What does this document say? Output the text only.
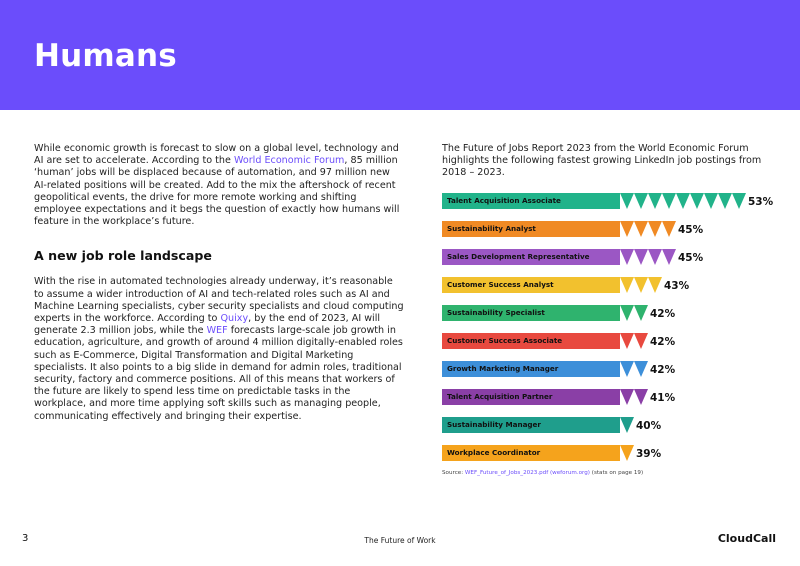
Humans

While economic growth is forecast to slow on a global level, technology and AI are set to accelerate. According to the World Economic Forum, 85 million ‘human’ jobs will be displaced because of automation, and 97 million new AI-related positions will be created. Add to the mix the aftershock of recent geopolitical events, the drive for more remote working and shifting employee expectations and it begs the question of exactly how humans will feature in the workplace’s future.

A new job role landscape

With the rise in automated technologies already underway, it’s reasonable to assume a wider introduction of AI and tech-related roles such as AI and Machine Learning specialists, cyber security specialists and cloud computing experts in the workforce. According to Quixy, by the end of 2023, AI will generate 2.3 million jobs, while the WEF forecasts large-scale job growth in education, agriculture, and growth of around 4 million digitally-enabled roles such as E-Commerce, Digital Transformation and Digital Marketing specialists. It also points to a big slide in demand for admin roles, traditional security, factory and commerce positions. All of this means that workers of the future are likely to spend less time on predictable tasks in the workplace, and more time applying soft skills such as managing people, communicating effectively and bringing their expertise.

The Future of Jobs Report 2023 from the World Economic Forum highlights the following fastest growing LinkedIn job postings from 2018 – 2023.

Talent Acquisition Associate	53%
Sustainability Analyst	45%
Sales Development Representative	45%
Customer Success Analyst	43%
Sustainability Specialist	42%
Customer Success Associate	42%
Growth Marketing Manager	42%
Talent Acquisition Partner	41%
Sustainability Manager	40%
Workplace Coordinator	39%
Source: WEF_Future_of_Jobs_2023.pdf (weforum.org) (stats on page 19)
3	The Future of Work	CloudCall
